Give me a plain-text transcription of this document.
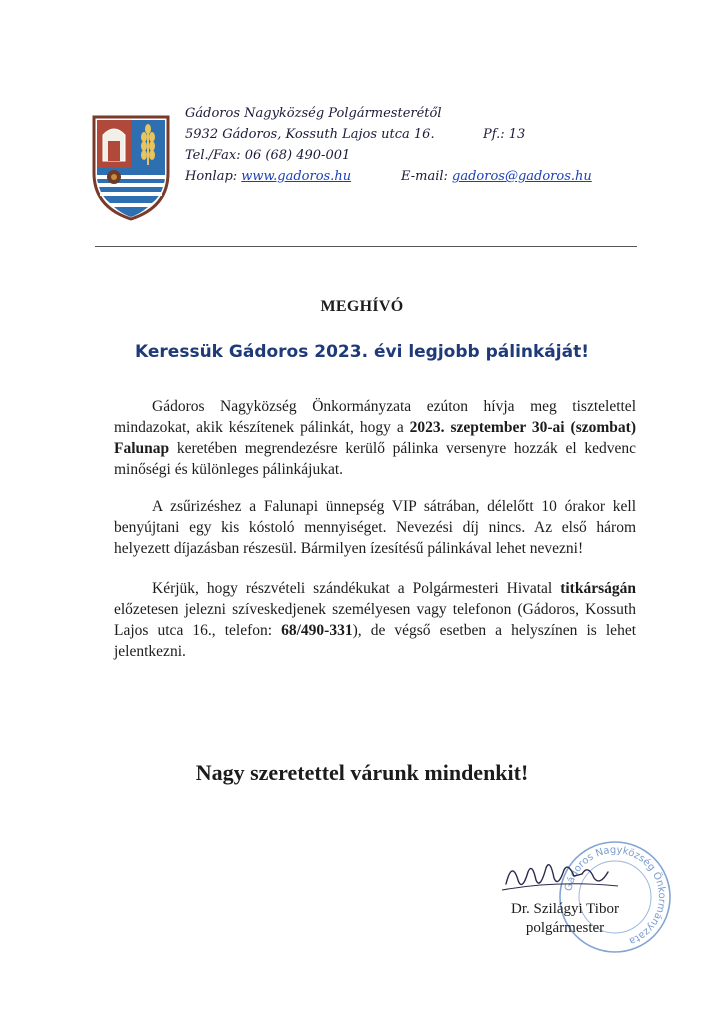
Gádoros Nagyközség Polgármesterétől
5932 Gádoros, Kossuth Lajos utca 16.	Pf.: 13
Tel./Fax: 06 (68) 490-001
Honlap: www.gadoros.hu	E-mail: gadoros@gadoros.hu
MEGHÍVÓ
Keressük Gádoros 2023. évi legjobb pálinkáját!
Gádoros Nagyközség Önkormányzata ezúton hívja meg tisztelettel mindazokat, akik készítenek pálinkát, hogy a 2023. szeptember 30-ai (szombat) Falunap keretében megrendezésre kerülő pálinka versenyre hozzák el kedvenc minőségi és különleges pálinkájukat.
A zsűrizéshez a Falunapi ünnepség VIP sátrában, délelőtt 10 órakor kell benyújtani egy kis kóstoló mennyiséget. Nevezési díj nincs. Az első három helyezett díjazásban részesül. Bármilyen ízesítésű pálinkával lehet nevezni!
Kérjük, hogy részvételi szándékukat a Polgármesteri Hivatal titkárságán előzetesen jelezni szíveskedjenek személyesen vagy telefonon (Gádoros, Kossuth Lajos utca 16., telefon: 68/490-331), de végső esetben a helyszínen is lehet jelentkezni.
Nagy szeretettel várunk mindenkit!
Gádoros Nagyközség Önkormányzata
Dr. Szilágyi Tibor
polgármester
